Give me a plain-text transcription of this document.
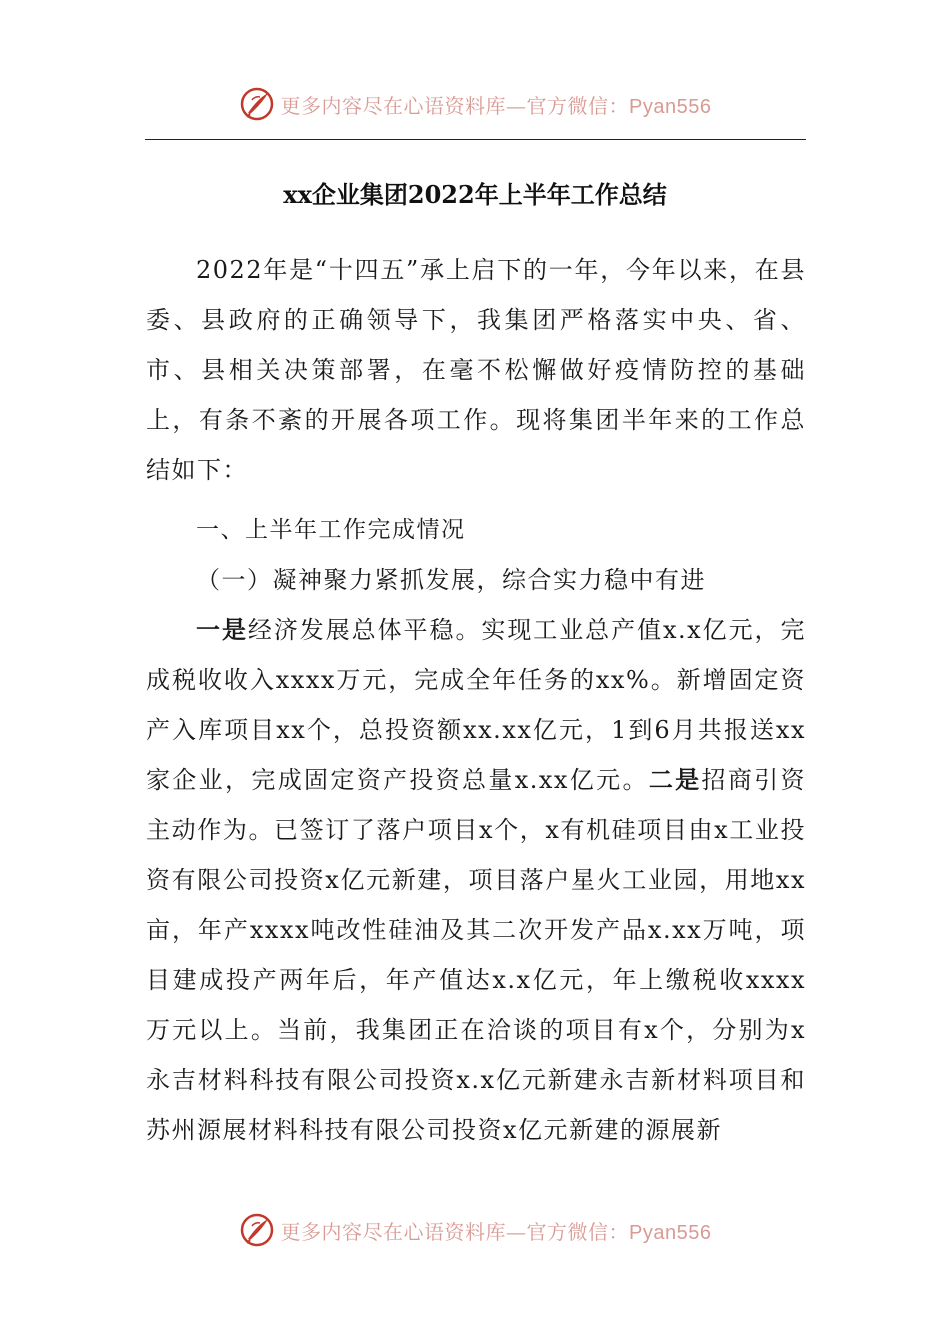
更多内容尽在心语资料库—官方微信：Pyan556
xx企业集团2022年上半年工作总结

2022年是“十四五”承上启下的一年，今年以来，在县委、县政府的正确领导下，我集团严格落实中央、省、市、县相关决策部署，在毫不松懈做好疫情防控的基础上，有条不紊的开展各项工作。现将集团半年来的工作总结如下：

一、上半年工作完成情况

（一）凝神聚力紧抓发展，综合实力稳中有进

一是经济发展总体平稳。实现工业总产值x.x亿元，完成税收收入xxxx万元，完成全年任务的xx%。新增固定资产入库项目xx个，总投资额xx.xx亿元，1到6月共报送xx家企业，完成固定资产投资总量x.xx亿元。二是招商引资主动作为。已签订了落户项目x个，x有机硅项目由x工业投资有限公司投资x亿元新建，项目落户星火工业园，用地xx亩，年产xxxx吨改性硅油及其二次开发产品x.xx万吨，项目建成投产两年后，年产值达x.x亿元，年上缴税收xxxx万元以上。当前，我集团正在洽谈的项目有x个，分别为x永吉材料科技有限公司投资x.x亿元新建永吉新材料项目和苏州源展材料科技有限公司投资x亿元新建的源展新

更多内容尽在心语资料库—官方微信：Pyan556
